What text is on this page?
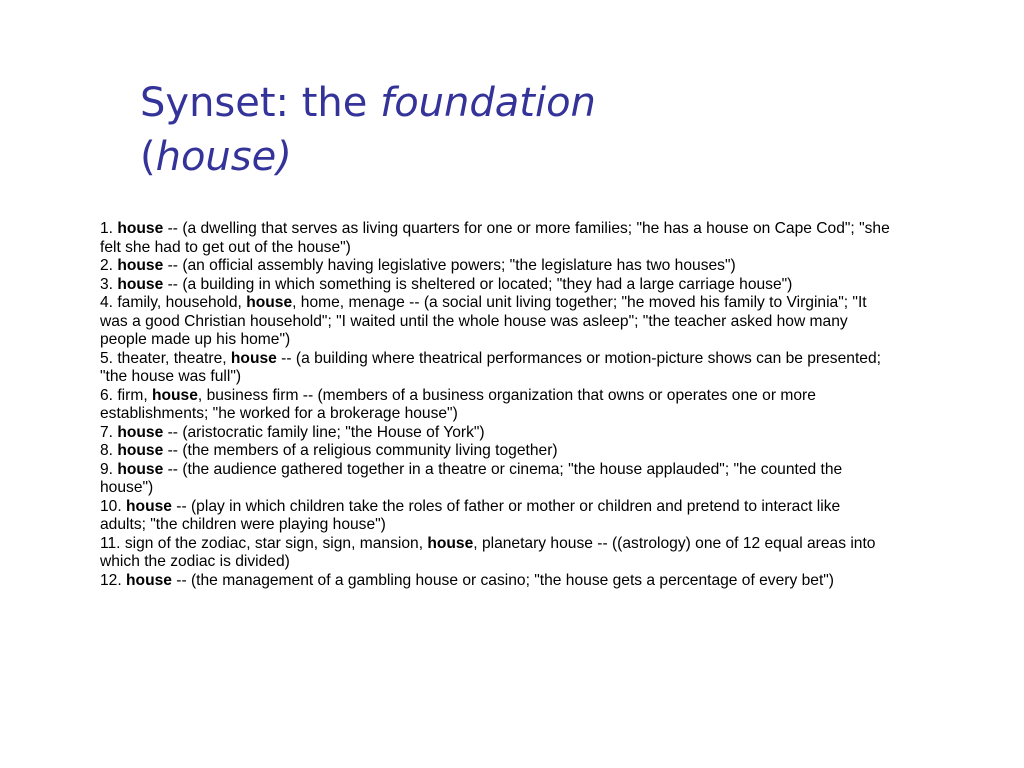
Synset: the foundation
(house)

1. house -- (a dwelling that serves as living quarters for one or more families; "he has a house on Cape Cod"; "she felt she had to get out of the house")

2. house -- (an official assembly having legislative powers; "the legislature has two houses")

3. house -- (a building in which something is sheltered or located; "they had a large carriage house")

4. family, household, house, home, menage -- (a social unit living together; "he moved his family to Virginia"; "It was a good Christian household"; "I waited until the whole house was asleep"; "the teacher asked how many people made up his home")

5. theater, theatre, house -- (a building where theatrical performances or motion-picture shows can be presented; "the house was full")

6. firm, house, business firm -- (members of a business organization that owns or operates one or more establishments; "he worked for a brokerage house")

7. house -- (aristocratic family line; "the House of York")

8. house -- (the members of a religious community living together)

9. house -- (the audience gathered together in a theatre or cinema; "the house applauded"; "he counted the house")

10. house -- (play in which children take the roles of father or mother or children and pretend to interact like adults; "the children were playing house")

11. sign of the zodiac, star sign, sign, mansion, house, planetary house -- ((astrology) one of 12 equal areas into which the zodiac is divided)

12. house -- (the management of a gambling house or casino; "the house gets a percentage of every bet")
